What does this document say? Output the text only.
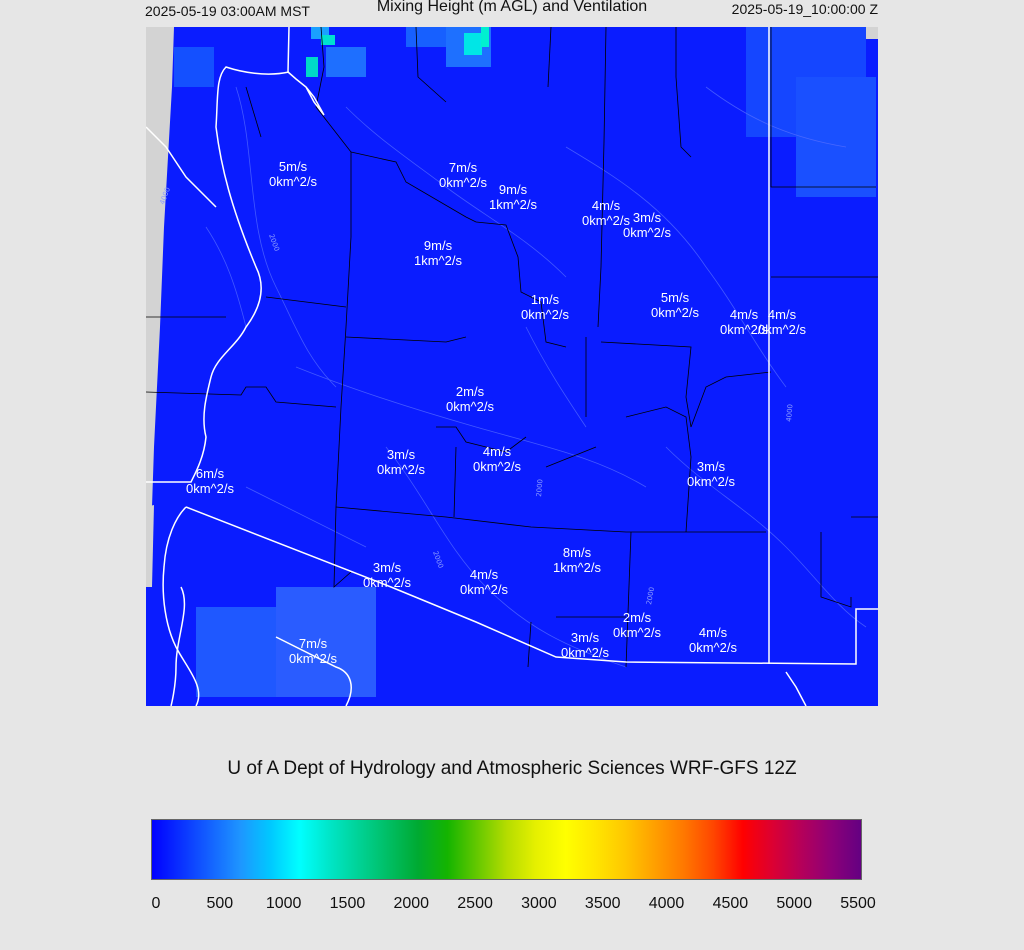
Mixing Height (m AGL) and Ventilation
2025-05-19 03:00AM MST	2025-05-19_10:00:00 Z
4000
2000
2000
2000
2000
4000
5m/s
0km^2/s
7m/s
0km^2/s 9m/s
1km^2/s	4m/s
0km^2/s 3m/s
0km^2/s
9m/s
1km^2/s
1m/s
0km^2/s
5m/s
0km^2/s	4m/s
0km^2/s
4m/s
0km^2/s
2m/s
0km^2/s
3m/s
0km^2/s
4m/s
0km^2/s	3m/s
0km^2/s
6m/s
0km^2/s
8m/s
1km^2/s
3m/s
0km^2/s
4m/s
0km^2/s
2m/s
0km^2/s
3m/s
0km^2/s
4m/s
0km^2/s
7m/s
0km^2/s
U of A Dept of Hydrology and Atmospheric Sciences WRF-GFS 12Z
0	500 1000 1500 2000 2500 3000 3500 4000 4500 5000 5500
